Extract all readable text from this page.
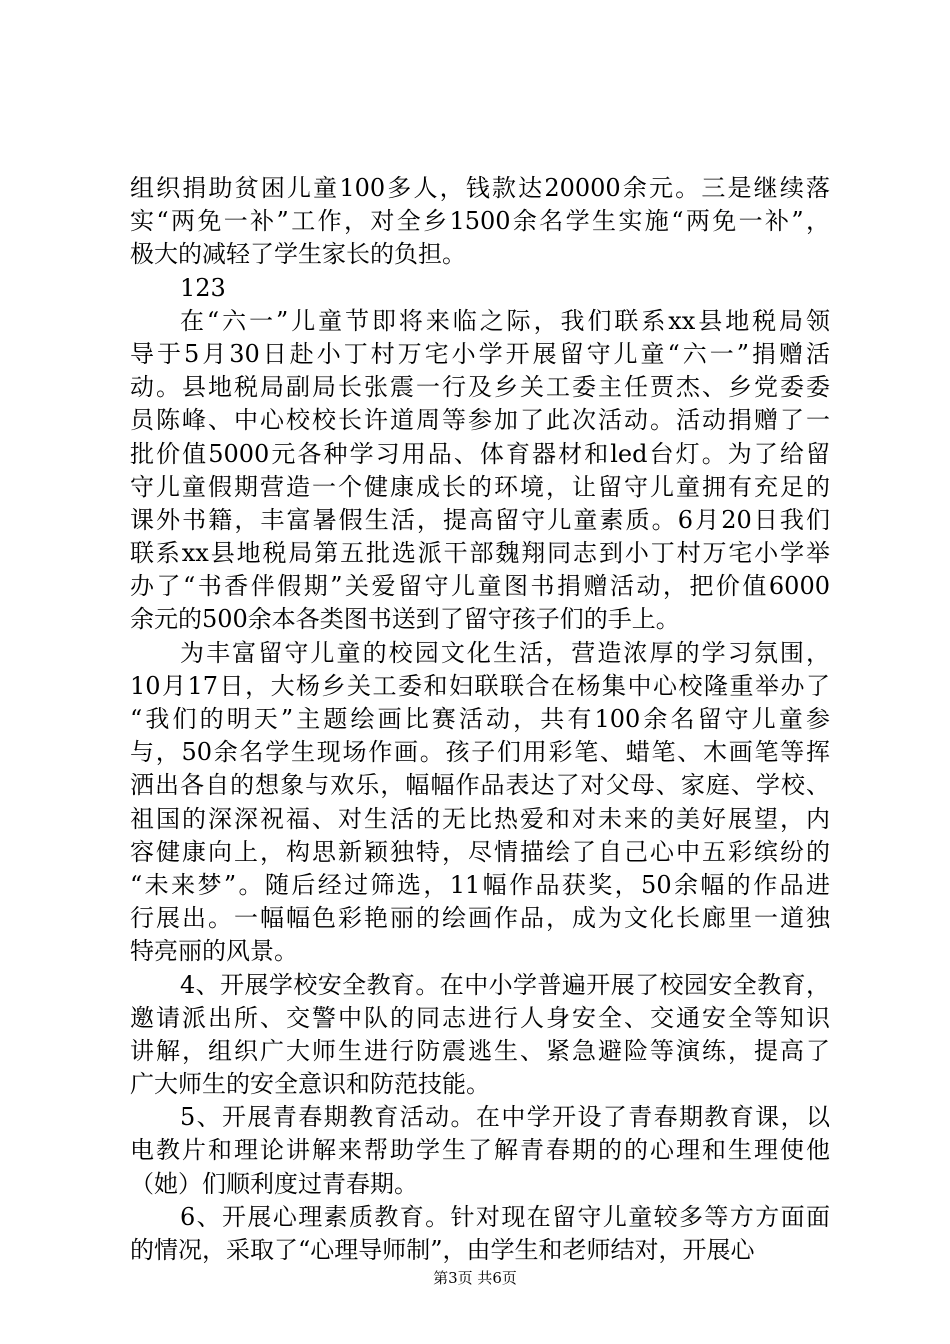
组织捐助贫困儿童100多人，钱款达20000余元。三是继续落
实“两免一补”工作，对全乡1500余名学生实施“两免一补”，
极大的减轻了学生家长的负担。
123
在“六一”儿童节即将来临之际，我们联系xx县地税局领
导于5月30日赴小丁村万宅小学开展留守儿童“六一”捐赠活
动。县地税局副局长张震一行及乡关工委主任贾杰、乡党委委
员陈峰、中心校校长许道周等参加了此次活动。活动捐赠了一
批价值5000元各种学习用品、体育器材和led台灯。为了给留
守儿童假期营造一个健康成长的环境，让留守儿童拥有充足的
课外书籍，丰富暑假生活，提高留守儿童素质。6月20日我们
联系xx县地税局第五批选派干部魏翔同志到小丁村万宅小学举
办了“书香伴假期”关爱留守儿童图书捐赠活动，把价值6000
余元的500余本各类图书送到了留守孩子们的手上。
为丰富留守儿童的校园文化生活，营造浓厚的学习氛围，
10月17日，大杨乡关工委和妇联联合在杨集中心校隆重举办了
“我们的明天”主题绘画比赛活动，共有100余名留守儿童参
与，50余名学生现场作画。孩子们用彩笔、蜡笔、木画笔等挥
洒出各自的想象与欢乐，幅幅作品表达了对父母、家庭、学校、
祖国的深深祝福、对生活的无比热爱和对未来的美好展望，内
容健康向上，构思新颖独特，尽情描绘了自己心中五彩缤纷的
“未来梦”。随后经过筛选，11幅作品获奖，50余幅的作品进
行展出。一幅幅色彩艳丽的绘画作品，成为文化长廊里一道独
特亮丽的风景。
4、开展学校安全教育。在中小学普遍开展了校园安全教育，
邀请派出所、交警中队的同志进行人身安全、交通安全等知识
讲解，组织广大师生进行防震逃生、紧急避险等演练，提高了
广大师生的安全意识和防范技能。
5、开展青春期教育活动。在中学开设了青春期教育课，以
电教片和理论讲解来帮助学生了解青春期的的心理和生理使他
（她）们顺利度过青春期。
6、开展心理素质教育。针对现在留守儿童较多等方方面面
的情况，采取了“心理导师制”，由学生和老师结对，开展心
第3页 共6页
